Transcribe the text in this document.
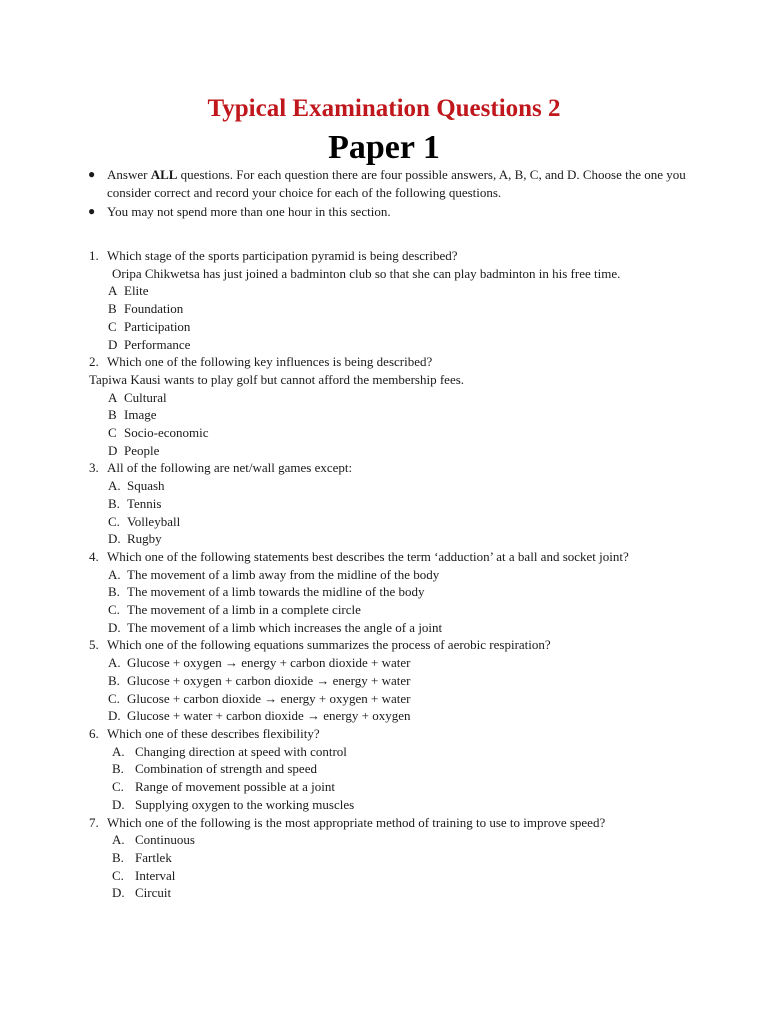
Typical Examination Questions 2
Paper 1
● Answer ALL questions. For each question there are four possible answers, A, B, C, and D. Choose the one you consider correct and record your choice for each of the following questions.
● You may not spend more than one hour in this section.
1. Which stage of the sports participation pyramid is being described?
Oripa Chikwetsa has just joined a badminton club so that she can play badminton in his free time.
A Elite
B Foundation
C Participation
D Performance
2. Which one of the following key influences is being described?
Tapiwa Kausi wants to play golf but cannot afford the membership fees.
A Cultural
B Image
C Socio-economic
D People
3. All of the following are net/wall games except:
A. Squash
B. Tennis
C. Volleyball
D. Rugby
4. Which one of the following statements best describes the term ‘adduction’ at a ball and socket joint?
A. The movement of a limb away from the midline of the body
B. The movement of a limb towards the midline of the body
C. The movement of a limb in a complete circle
D. The movement of a limb which increases the angle of a joint
5. Which one of the following equations summarizes the process of aerobic respiration?
A. Glucose + oxygen → energy + carbon dioxide + water
B. Glucose + oxygen + carbon dioxide → energy + water
C. Glucose + carbon dioxide → energy + oxygen + water
D. Glucose + water + carbon dioxide → energy + oxygen
6. Which one of these describes flexibility?
A. Changing direction at speed with control
B. Combination of strength and speed
C. Range of movement possible at a joint
D. Supplying oxygen to the working muscles
7. Which one of the following is the most appropriate method of training to use to improve speed?
A. Continuous
B. Fartlek
C. Interval
D. Circuit
